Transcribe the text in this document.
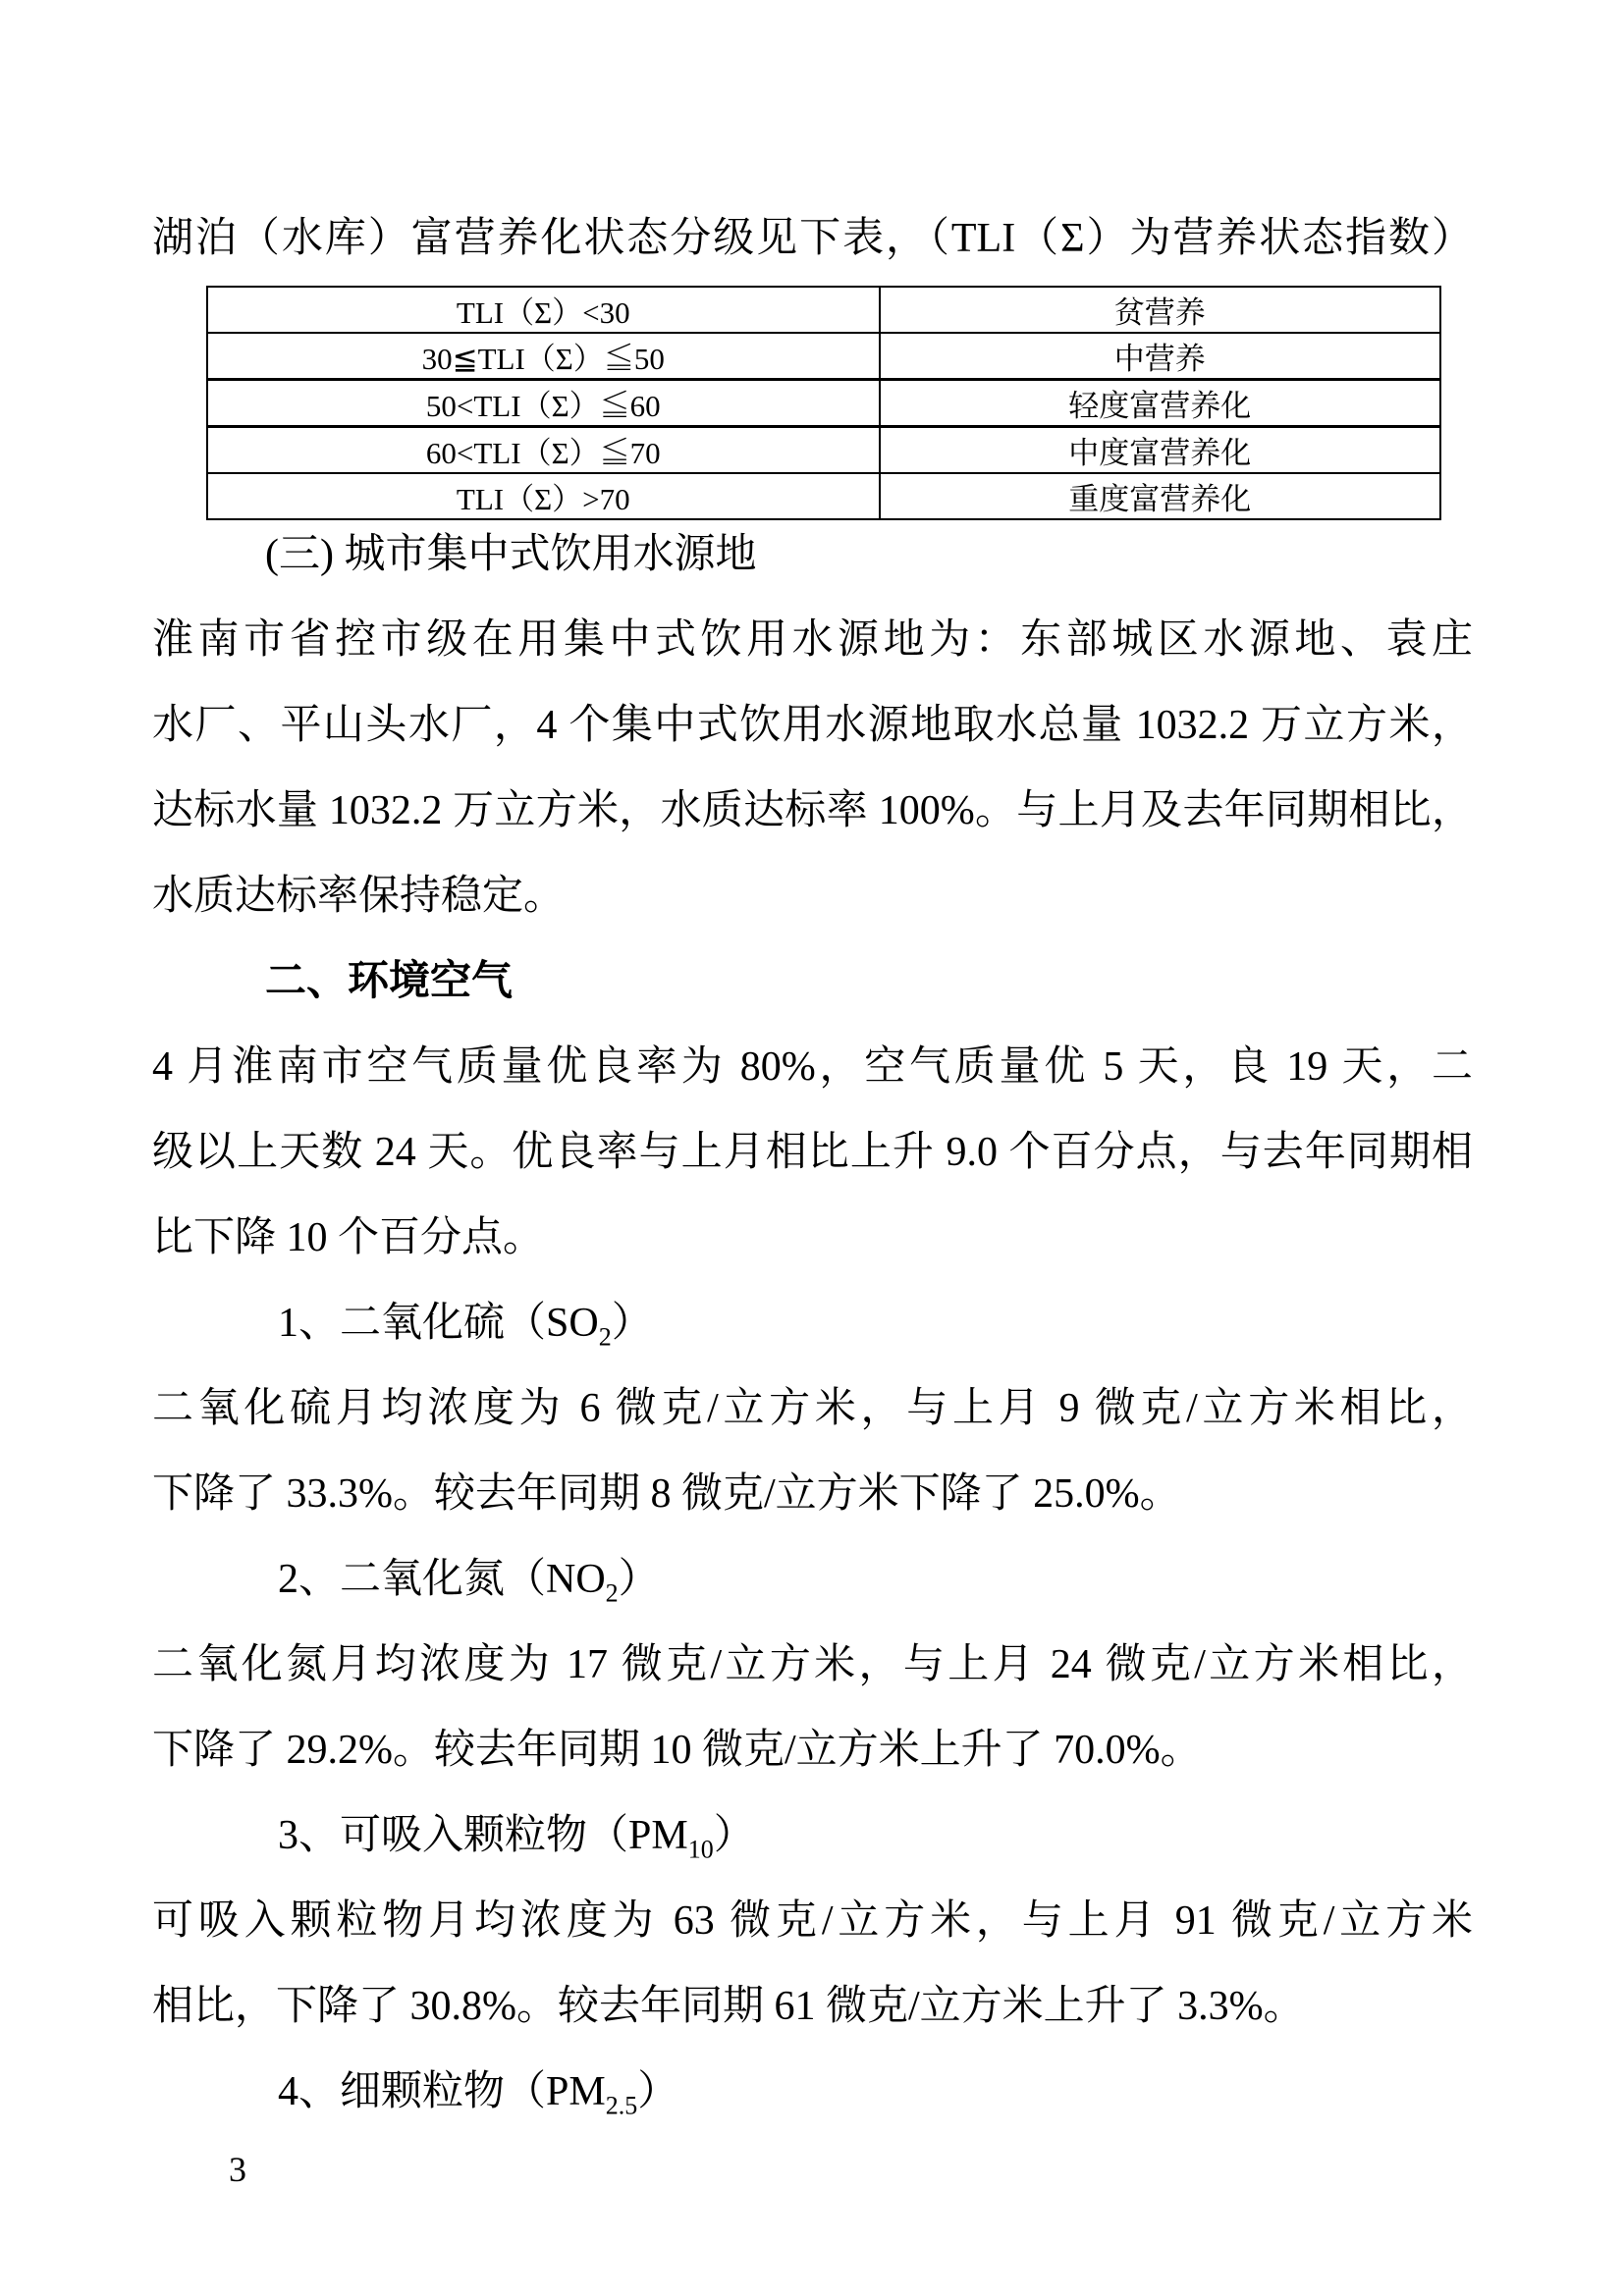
湖泊（水库）富营养化状态分级见下表，（TLI（Σ）为营养状态指数）
TLI（Σ）<30	贫营养
30≦TLI（Σ）≦50	中营养
50<TLI（Σ）≦60	轻度富营养化
60<TLI（Σ）≦70	中度富营养化
TLI（Σ）>70	重度富营养化
(三) 城市集中式饮用水源地
淮南市省控市级在用集中式饮用水源地为：东部城区水源地、袁庄
水厂、平山头水厂，4 个集中式饮用水源地取水总量 1032.2 万立方米，
达标水量 1032.2 万立方米，水质达标率 100%。与上月及去年同期相比，
水质达标率保持稳定。
二、环境空气
4 月淮南市空气质量优良率为 80%，空气质量优 5 天，良 19 天，二
级以上天数 24 天。优良率与上月相比上升 9.0 个百分点，与去年同期相
比下降 10 个百分点。
1、二氧化硫$(SO_2)$
二氧化硫月均浓度为 6 微克/立方米，与上月 9 微克/立方米相比，
下降了 33.3%。较去年同期 8 微克/立方米下降了 25.0%。
2、二氧化氮$(NO_2)$
二氧化氮月均浓度为 17 微克/立方米，与上月 24 微克/立方米相比，
下降了 29.2%。较去年同期 10 微克/立方米上升了 70.0%。
3、可吸入颗粒物$(PM_{10})$
可吸入颗粒物月均浓度为 63 微克/立方米，与上月 91 微克/立方米
相比，下降了 30.8%。较去年同期 61 微克/立方米上升了 3.3%。
4、细颗粒物$(PM_{2.5})$
3
